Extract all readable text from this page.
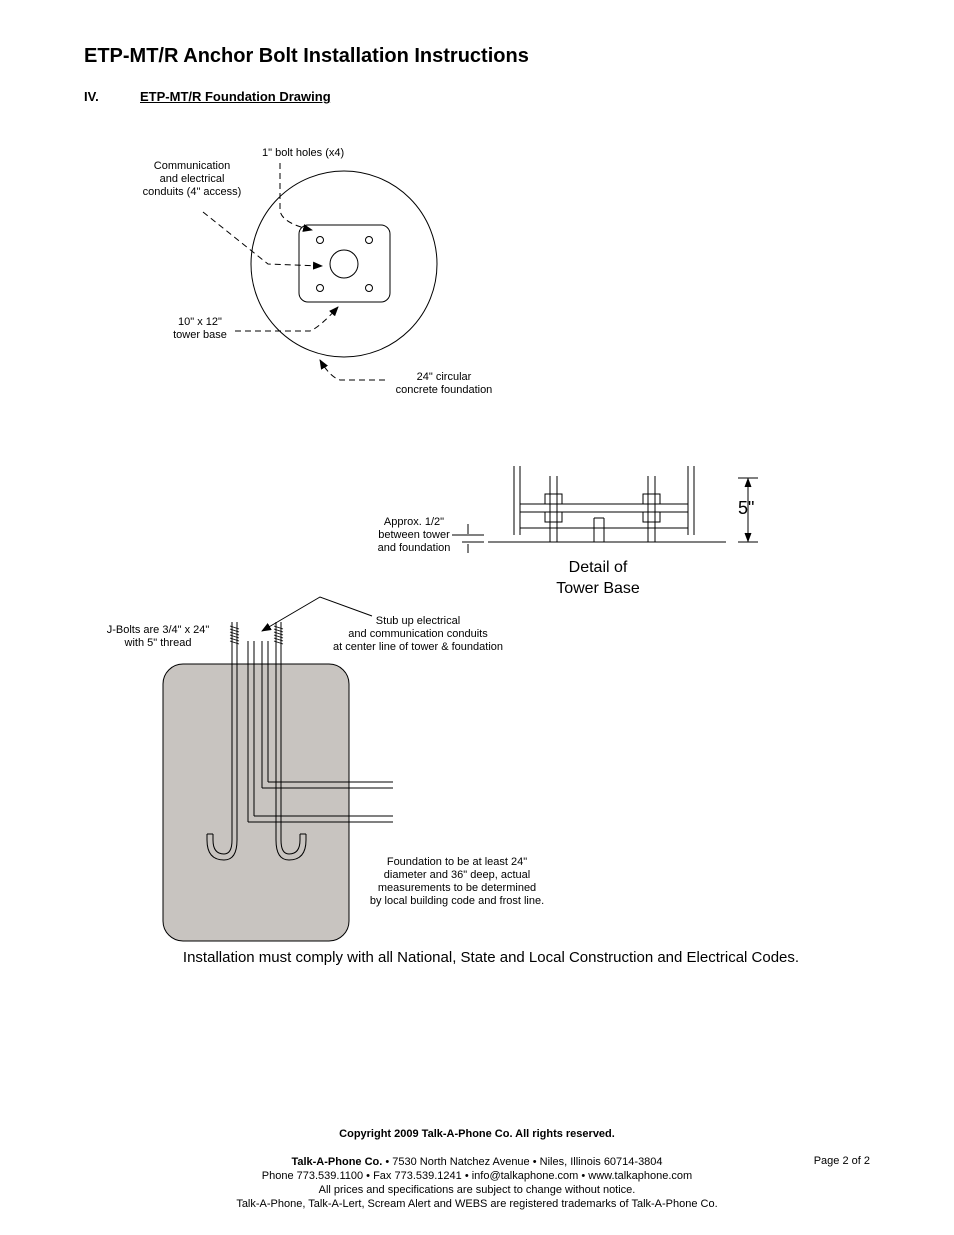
ETP-MT/R Anchor Bolt Installation Instructions
IV.	ETP-MT/R Foundation Drawing
1" bolt holes (x4)
Communication
and electrical
conduits (4" access)
10" x 12"
tower base
24" circular
concrete foundation
Approx. 1/2"
between tower
and foundation
5"
Detail of
Tower Base
J-Bolts are 3/4" x 24"
with 5" thread
Stub up electrical
and communication conduits
at center line of tower & foundation
Foundation to be at least 24"
diameter and 36" deep, actual
measurements to be determined
by local building code and frost line.
Installation must comply with all National, State and Local Construction and Electrical Codes.
Copyright 2009 Talk-A-Phone Co. All rights reserved.
Talk-A-Phone Co. • 7530 North Natchez Avenue • Niles, Illinois 60714-3804
Phone 773.539.1100 • Fax 773.539.1241 • info@talkaphone.com • www.talkaphone.com
All prices and specifications are subject to change without notice.
Talk-A-Phone, Talk-A-Lert, Scream Alert and WEBS are registered trademarks of Talk-A-Phone Co.
Page 2 of 2
